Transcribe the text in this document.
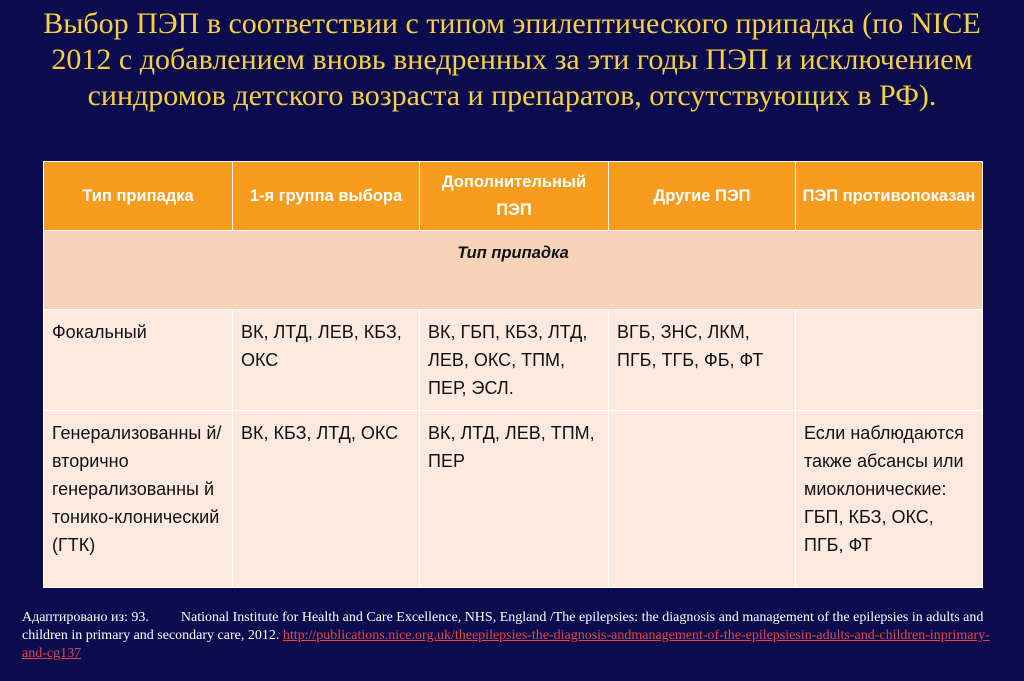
Выбор ПЭП в соответствии с типом эпилептического припадка (по NICE 2012 с добавлением вновь внедренных за эти годы ПЭП и исключением синдромов детского возраста и препаратов, отсутствующих в РФ).
Тип припадка	1-я группа выбора	Дополнительный ПЭП	Другие ПЭП	ПЭП противопоказан
Тип припадка				
Фокальный	ВК, ЛТД, ЛЕВ, КБЗ, ОКС	ВК, ГБП, КБЗ, ЛТД, ЛЕВ, ОКС, ТПМ, ПЕР, ЭСЛ.	ВГБ, ЗНС, ЛКМ, ПГБ, ТГБ, ФБ, ФТ	
Генерализованны й/вторично генерализованны й тонико-клонический (ГТК)	ВК, КБЗ, ЛТД, ОКС	ВК, ЛТД, ЛЕВ, ТПМ, ПЕР		Если наблюдаются также абсансы или миоклонические: ГБП, КБЗ, ОКС, ПГБ, ФТ
Адаптировано из: 93. National Institute for Health and Care Excellence, NHS, England /The epilepsies: the diagnosis and management of the epilepsies in adults and children in primary and secondary care, 2012. http://publications.nice.org.uk/theepilepsies-the-diagnosis-andmanagement-of-the-epilepsiesin-adults-and-children-inprimary-and-cg137
